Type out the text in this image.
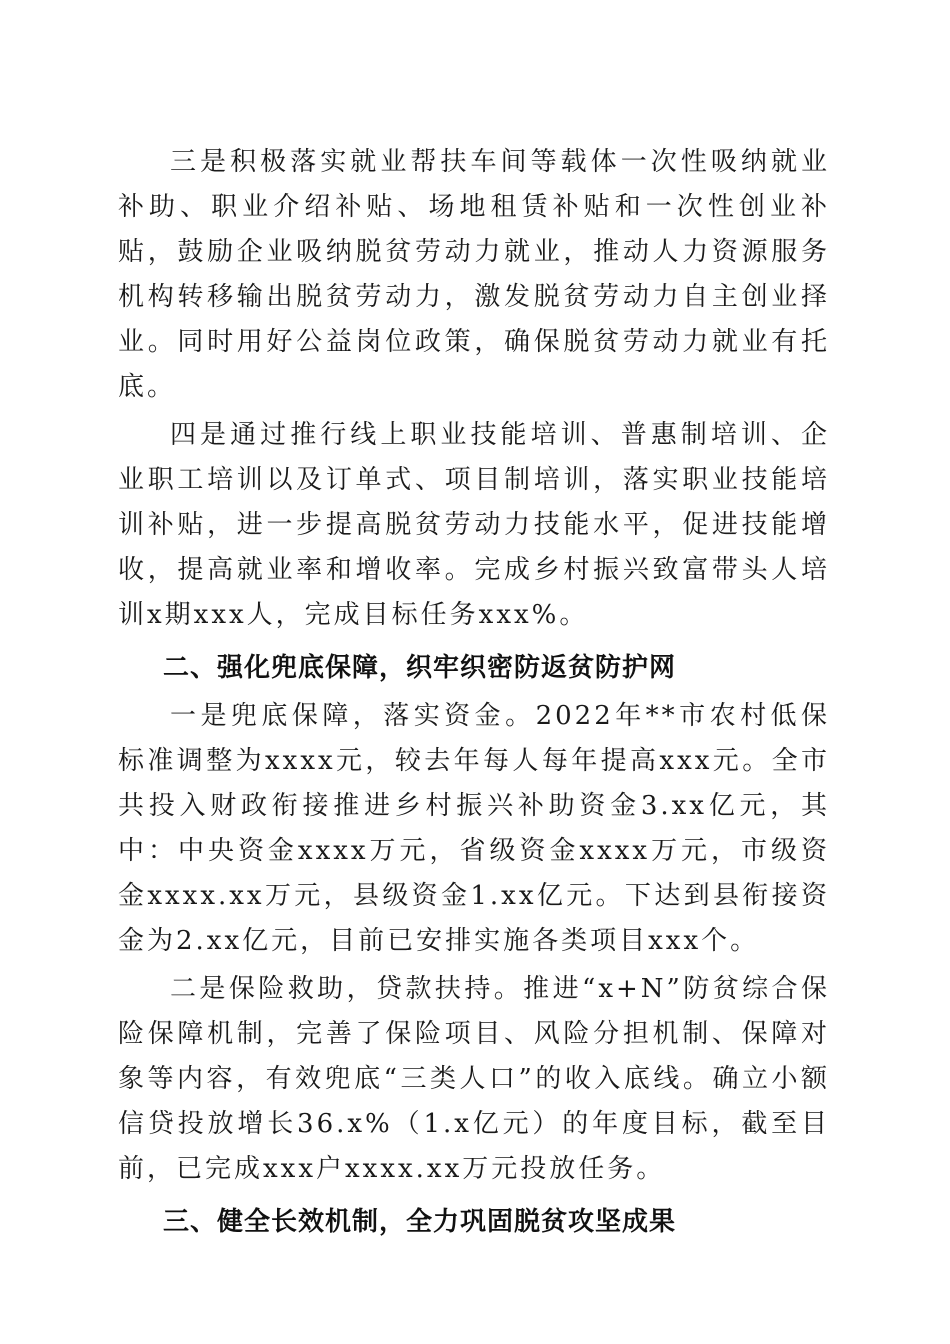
三是积极落实就业帮扶车间等载体一次性吸纳就业补助、职业介绍补贴、场地租赁补贴和一次性创业补贴，鼓励企业吸纳脱贫劳动力就业，推动人力资源服务机构转移输出脱贫劳动力，激发脱贫劳动力自主创业择业。同时用好公益岗位政策，确保脱贫劳动力就业有托底。

四是通过推行线上职业技能培训、普惠制培训、企业职工培训以及订单式、项目制培训，落实职业技能培训补贴，进一步提高脱贫劳动力技能水平，促进技能增收，提高就业率和增收率。完成乡村振兴致富带头人培训x期xxx人，完成目标任务xxx%。

二、强化兜底保障，织牢织密防返贫防护网

一是兜底保障，落实资金。2022年**市农村低保标准调整为xxxx元，较去年每人每年提高xxx元。全市共投入财政衔接推进乡村振兴补助资金3.xx亿元，其中：中央资金xxxx万元，省级资金xxxx万元，市级资金xxxx.xx万元，县级资金1.xx亿元。下达到县衔接资金为2.xx亿元，目前已安排实施各类项目xxx个。

二是保险救助，贷款扶持。推进“x+N”防贫综合保险保障机制，完善了保险项目、风险分担机制、保障对象等内容，有效兜底“三类人口”的收入底线。确立小额信贷投放增长36.x%（1.x亿元）的年度目标，截至目前，已完成xxx户xxxx.xx万元投放任务。

三、健全长效机制，全力巩固脱贫攻坚成果
